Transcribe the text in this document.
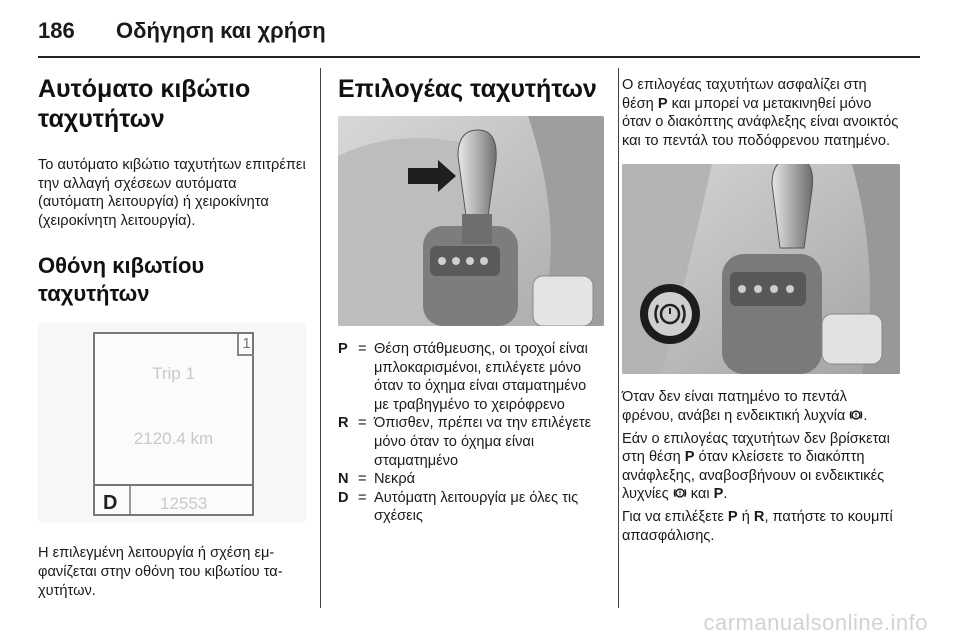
186 Οδήγηση και χρήση
Αυτόματο κιβώτιο ταχυτήτων

Το αυτόματο κιβώτιο ταχυτήτων επιτρέπει την αλλαγή σχέσεων αυτόματα (αυτόματη λειτουργία) ή χειροκίνητα (χειροκίνητη λειτουργία).

Οθόνη κιβωτίου ταχυτήτων
1
Trip 1
2120.4 km
D	12553

Η επιλεγμένη λειτουργία ή σχέση εμφανίζεται στην οθόνη του κιβωτίου ταχυτήτων.

Επιλογέας ταχυτήτων
P = Θέση στάθμευσης, οι τροχοί είναι μπλοκαρισμένοι, επιλέγετε μόνο όταν το όχημα είναι σταματημένο με τραβηγμένο το χειρόφρενο
R = Όπισθεν, πρέπει να την επιλέγετε μόνο όταν το όχημα είναι σταματημένο
N = Νεκρά
D = Αυτόματη λειτουργία με όλες τις σχέσεις

Ο επιλογέας ταχυτήτων ασφαλίζει στη θέση P και μπορεί να μετακινηθεί μόνο όταν ο διακόπτης ανάφλεξης είναι ανοικτός και το πεντάλ του ποδόφρενου πατημένο.

Όταν δεν είναι πατημένο το πεντάλ φρένου, ανάβει η ενδεικτική λυχνία .

Εάν ο επιλογέας ταχυτήτων δεν βρίσκεται στη θέση P όταν κλείσετε το διακόπτη ανάφλεξης, αναβοσβήνουν οι ενδεικτικές λυχνίες  και P.

Για να επιλέξετε P ή R, πατήστε το κουμπί απασφάλισης.

carmanualsonline.info
